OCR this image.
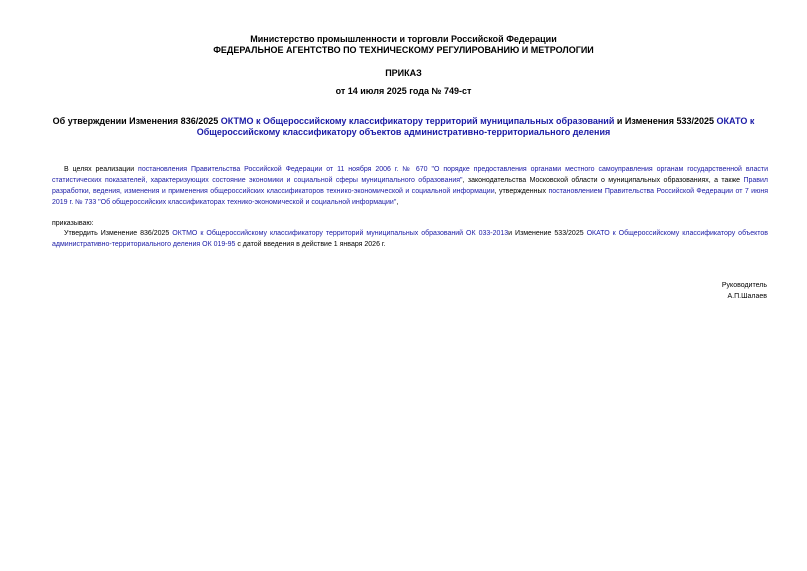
Министерство промышленности и торговли Российской Федерации
ФЕДЕРАЛЬНОЕ АГЕНТСТВО ПО ТЕХНИЧЕСКОМУ РЕГУЛИРОВАНИЮ И МЕТРОЛОГИИ
ПРИКАЗ
от 14 июля 2025 года № 749-ст
Об утверждении Изменения 836/2025 ОКТМО к Общероссийскому классификатору территорий муниципальных образований и Изменения 533/2025 ОКАТО к Общероссийскому классификатору объектов административно-территориального деления
В целях реализации постановления Правительства Российской Федерации от 11 ноября 2006 г. № 670 "О порядке предоставления органами местного самоуправления органам государственной власти статистических показателей, характеризующих состояние экономики и социальной сферы муниципального образования", законодательства Московской области о муниципальных образованиях, а также Правил разработки, ведения, изменения и применения общероссийских классификаторов технико-экономической и социальной информации, утвержденных постановлением Правительства Российской Федерации от 7 июня 2019 г. № 733 "Об общероссийских классификаторах технико-экономической и социальной информации",
приказываю:
Утвердить Изменение 836/2025 ОКТМО к Общероссийскому классификатору территорий муниципальных образований ОК 033-2013и Изменение 533/2025 ОКАТО к Общероссийскому классификатору объектов административно-территориального деления ОК 019-95 с датой введения в действие 1 января 2026 г.
Руководитель
А.П.Шалаев
